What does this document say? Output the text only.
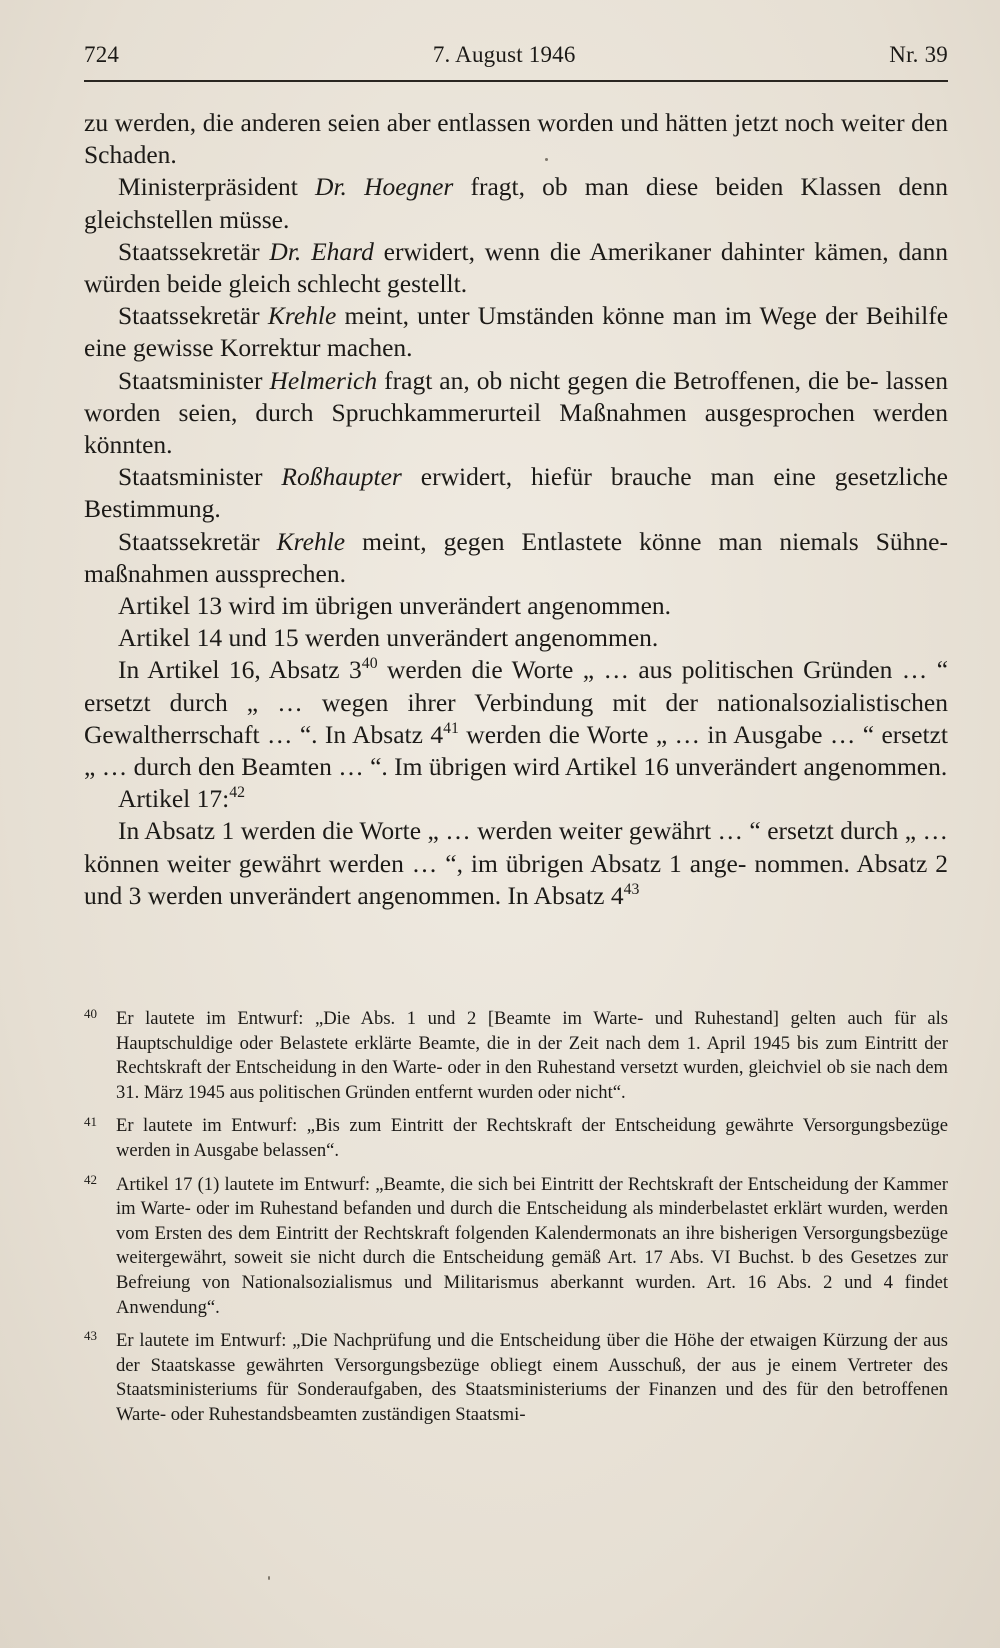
724	7. August 1946	Nr. 39

zu werden, die anderen seien aber entlassen worden und hätten jetzt noch weiter den Schaden.

Ministerpräsident Dr. Hoegner fragt, ob man diese beiden Klassen denn gleichstellen müsse.

Staatssekretär Dr. Ehard erwidert, wenn die Amerikaner dahinter kämen, dann würden beide gleich schlecht gestellt.

Staatssekretär Krehle meint, unter Umständen könne man im Wege der Beihilfe eine gewisse Korrektur machen.

Staatsminister Helmerich fragt an, ob nicht gegen die Betroffenen, die be- lassen worden seien, durch Spruchkammerurteil Maßnahmen ausgesprochen werden könnten.

Staatsminister Roßhaupter erwidert, hiefür brauche man eine gesetzliche Bestimmung.

Staatssekretär Krehle meint, gegen Entlastete könne man niemals Sühne- maßnahmen aussprechen.

Artikel 13 wird im übrigen unverändert angenommen.

Artikel 14 und 15 werden unverändert angenommen.

In Artikel 16, Absatz $3^{40}$ werden die Worte „ … aus politischen Gründen … “ ersetzt durch „ … wegen ihrer Verbindung mit der nationalsozialistischen Gewaltherrschaft … “. In Absatz $4^{41}$ werden die Worte „ … in Ausgabe … “ ersetzt „ … durch den Beamten … “. Im übrigen wird Artikel 16 unverändert angenommen.

Artikel 17:$^{42}$

In Absatz 1 werden die Worte „ … werden weiter gewährt … “ ersetzt durch „ … können weiter gewährt werden … “, im übrigen Absatz 1 ange- nommen. Absatz 2 und 3 werden unverändert angenommen. In Absatz $4^{43}$

40 Er lautete im Entwurf: „Die Abs. 1 und 2 [Beamte im Warte- und Ruhestand] gelten auch für als Hauptschuldige oder Belastete erklärte Beamte, die in der Zeit nach dem 1. April 1945 bis zum Eintritt der Rechtskraft der Entscheidung in den Warte- oder in den Ruhestand versetzt wurden, gleichviel ob sie nach dem 31. März 1945 aus politischen Gründen entfernt wurden oder nicht“.
41 Er lautete im Entwurf: „Bis zum Eintritt der Rechtskraft der Entscheidung gewährte Versorgungsbezüge werden in Ausgabe belassen“.
42 Artikel 17 (1) lautete im Entwurf: „Beamte, die sich bei Eintritt der Rechtskraft der Entscheidung der Kammer im Warte- oder im Ruhestand befanden und durch die Entscheidung als minderbelastet erklärt wurden, werden vom Ersten des dem Eintritt der Rechtskraft folgenden Kalendermonats an ihre bisherigen Versorgungsbezüge weitergewährt, soweit sie nicht durch die Entscheidung gemäß Art. 17 Abs. VI Buchst. b des Gesetzes zur Befreiung von Nationalsozialismus und Militarismus aberkannt wurden. Art. 16 Abs. 2 und 4 findet Anwendung“.
43 Er lautete im Entwurf: „Die Nachprüfung und die Entscheidung über die Höhe der etwaigen Kürzung der aus der Staatskasse gewährten Versorgungsbezüge obliegt einem Ausschuß, der aus je einem Vertreter des Staatsministeriums für Sonderaufgaben, des Staatsministeriums der Finanzen und des für den betroffenen Warte- oder Ruhestandsbeamten zuständigen Staatsmi-
